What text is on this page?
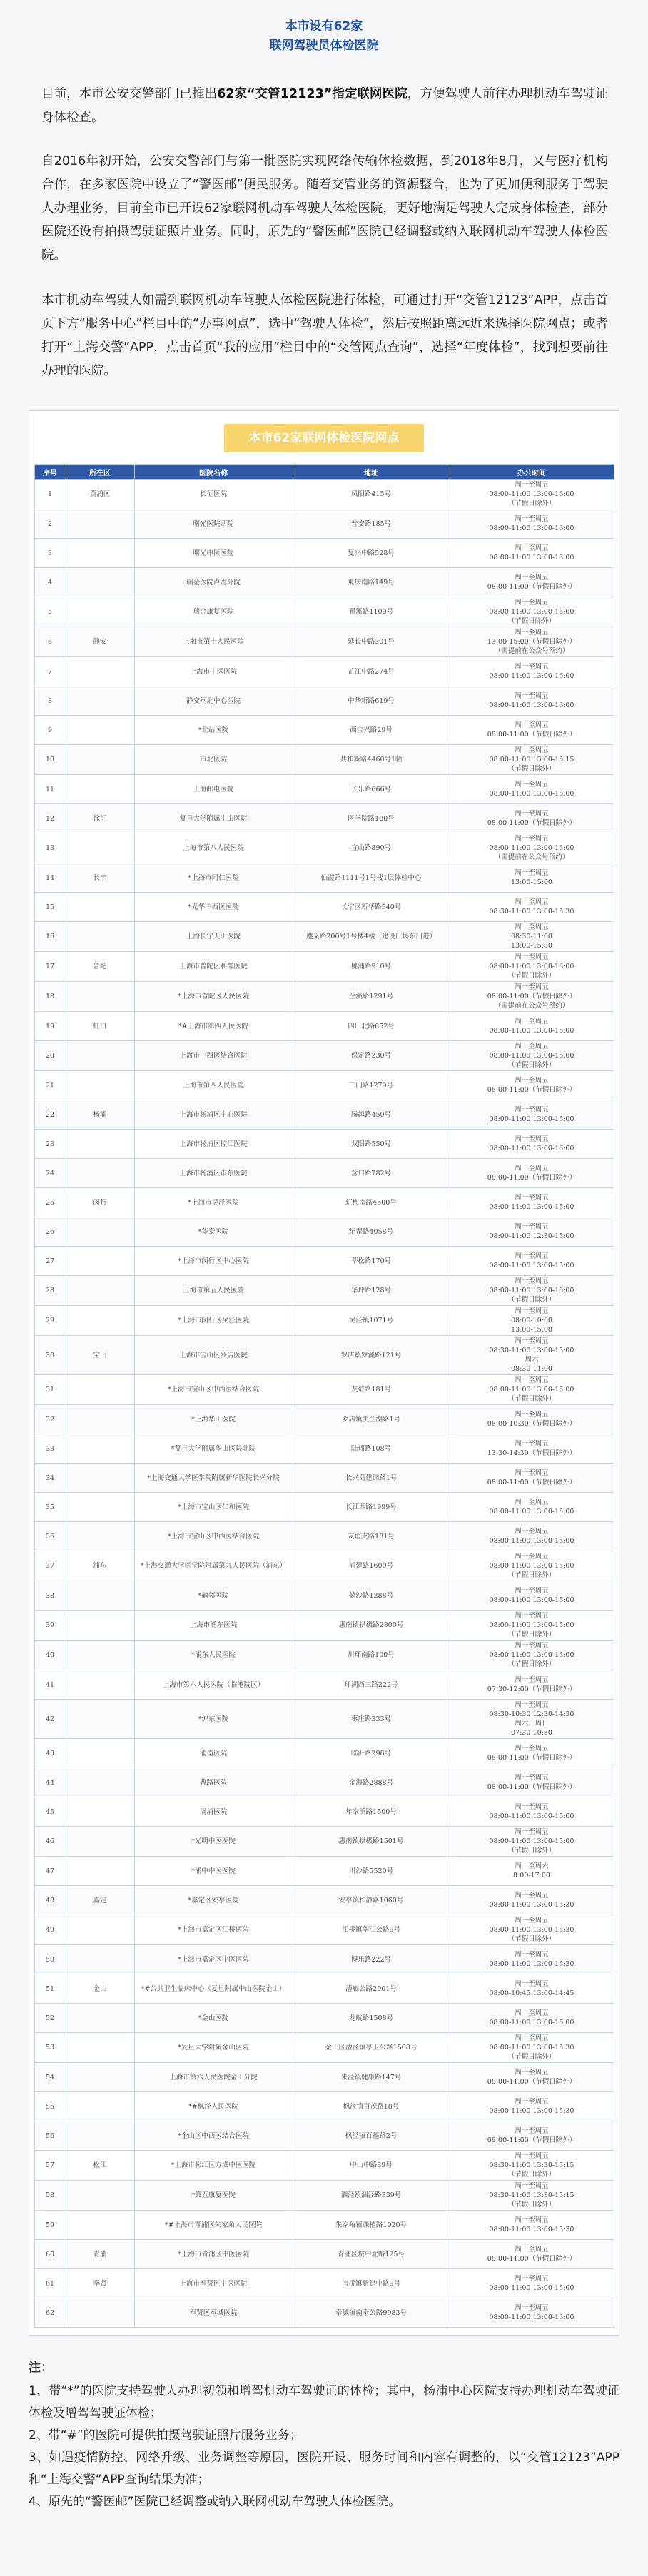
本市设有62家
联网驾驶员体检医院

目前，本市公安交警部门已推出62家“交管12123”指定联网医院，方便驾驶人前往办理机动车驾驶证身体检查。

自2016年初开始，公安交警部门与第一批医院实现网络传输体检数据，到2018年8月，又与医疗机构合作，在多家医院中设立了“警医邮”便民服务。随着交管业务的资源整合，也为了更加便利服务于驾驶人办理业务，目前全市已开设62家联网机动车驾驶人体检医院，更好地满足驾驶人完成身体检查，部分医院还设有拍摄驾驶证照片业务。同时，原先的“警医邮”医院已经调整或纳入联网机动车驾驶人体检医院。

本市机动车驾驶人如需到联网机动车驾驶人体检医院进行体检，可通过打开“交管12123”APP，点击首页下方“服务中心”栏目中的“办事网点”，选中“驾驶人体检”，然后按照距离远近来选择医院网点；或者打开“上海交警”APP，点击首页“我的应用”栏目中的“交管网点查询”，选择“年度体检”，找到想要前往办理的医院。

本市62家联网体检医院网点
序号	所在区	医院名称	地址	办公时间
1	黄浦区	长征医院	凤阳路415号	周一至周五
08:00-11:00 13:00-16:00
（节假日除外）
2		曙光医院西院	普安路185号	周一至周五
08:00-11:00 13:00-16:00
3		曙光中医医院	复兴中路528号	周一至周五
08:00-11:00 13:00-16:00
4		瑞金医院卢湾分院	東庆南路149号	周一至周五
08:00-11:00（节假日除外）
5		瑞金康复医院	瞿溪路1109号	周一至周五
08:00-11:00 13:00-16:00
（节假日除外）
6	静安	上海市第十人民医院	延长中路301号	周一至周五
13:00-15:00（节假日除外）
（需提前在公众号预约）
7		上海市中医医院	芷江中路274号	周一至周五
08:00-11:00 13:00-16:00
8		静安闸北中心医院	中华新路619号	周一至周五
08:00-11:00 13:00-16:00
9		*北站医院	西宝兴路29号	周一至周五
08:00-11:00（节假日除外）
10		市北医院	共和新路4460号1幢	周一至周五
08:00-11:00 13:00-15:15
（节假日除外）
11		上海邮电医院	长乐路666号	周一至周五
08:00-11:00 13:00-15:00
12	徐汇	复旦大学附属中山医院	医学院路180号	周一至周五
08:00-11:00（节假日除外）
13		上海市第八人民医院	宜山路890号	周一至周五
08:00-11:00 13:00-16:00
（需提前在公众号预约）
14	长宁	*上海市同仁医院	仙霞路1111号1号楼1层体检中心	周一至周五
13:00-15:00
15		*光华中西医医院	长宁区新华路540号	周一至周五
08:30-11:00 13:00-15:30
16		上海长宁天山医院	遵义路200号1号楼4楼（建设厂场东门进）	周一至周五
08:30-11:00
13:00-15:30
17	普陀	上海市普陀区利群医院	桃浦路910号	周一至周五
08:00-11:00 13:00-16:00
（节假日除外）
18		*上海市普陀区人民医院	兰溪路1291号	周一至周五
08:00-11:00（节假日除外）
（需提前在公众号预约）
19	虹口	*#上海市第四人民医院	四川北路652号	周一至周五
08:00-11:00 13:00-15:00
20		上海市中西医结合医院	保定路230号	周一至周五
08:00-11:00 13:00-15:00
（节假日除外）
21		上海市第四人民医院	三门路1279号	周一至周五
08:00-11:00（节假日除外）
22	杨浦	上海市杨浦区中心医院	腾越路450号	周一至周五
08:00-11:00 13:00-15:00
23		上海市杨浦区控江医院	双阳路550号	周一至周五
08:00-11:00 13:00-16:00
24		上海市杨浦区市东医院	营口路782号	周一至周五
08:00-11:00（节假日除外）
25	闵行	*上海市吴泾医院	虹梅南路4500号	周一至周五
08:00-11:00 13:00-15:00
26		*华泰医院	纪翟路4058号	周一至周五
08:00-11:00 12:30-15:00
27		*上海市闵行区中心医院	莘松路170号	周一至周五
08:00-11:00 13:00-15:00
28		上海市第五人民医院	华坪路128号	周一至周五
08:00-11:00 13:00-16:00
（节假日除外）
29		*上海市闵行区吴泾医院	吴泾镇1071号	周一至周五
08:00-10:00
13:00-15:00
30	宝山	上海市宝山区罗店医院	罗店镇罗溪路121号	周一至周五
08:30-11:00 13:00-15:00
周六
08:30-11:00
31		*上海市宝山区中西医结合医院	友谊路181号	周一至周五
08:00-11:00 13:00-15:00
（节假日除外）
32		*上海华山医院	罗店镇美兰湖路1号	周一至周五
08:00-10:30（节假日除外）
33		*复旦大学附属华山医院北院	陆翔路108号	周一至周五
13:30-14:30（节假日除外）
34		*上海交通大学医学院附属新华医院长兴分院	长兴岛建园路1号	周一至周五
08:00-11:00（节假日除外）
35		*上海市宝山区仁和医院	长江西路1999号	周一至周五
08:00-11:00 13:00-15:00
36		*上海市宝山区中西医结合医院	友谊支路181号	周一至周五
08:00-11:00 13:00-15:00
37	浦东	*上海交通大学医学院附属第九人民医院（浦东）	浦建路1600号	周一至周五
08:00-11:00 13:00-15:00
（节假日除外）
38		*鹤邻医院	鹤沙路1288号	周一至周五
08:00-11:00 13:00-15:00
39		上海市浦东医院	惠南镇拱极路2800号	周一至周五
08:00-11:00 13:00-15:00
（节假日除外）
40		*浦东人民医院	川环南路100号	周一至周五
08:00-11:00 13:00-15:00
（节假日除外）
41		上海市第六人民医院（临港院区）	环湖西三路222号	周一至周五
07:30-12:00（节假日除外）
42		*沪东医院	枣庄路333号	周一至周五
08:30-10:30 12:30-14:30
周六、周日
07:30-10:30
43		浦南医院	临沂路298号	周一至周五
08:00-11:00（节假日除外）
44		曹路医院	金海路2888号	周一至周五
08:00-11:00（节假日除外）
45		周浦医院	年家浜路1500号	周一至周五
08:00-11:00 13:00-15:00
46		*光明中医医院	惠南镇拱极路1501号	周一至周五
08:00-11:00 13:00-15:00
（节假日除外）
47		*浦中中医医院	川沙路5520号	周一至周六
8:00-17:00
48	嘉定	*嘉定区安亭医院	安亭镇和静路1060号	周一至周五
08:00-11:00 13:00-15:30
49		*上海市嘉定区江桥医院	江桥镇华江公路9号	周一至周五
08:00-11:00 13:00-15:30
（节假日除外）
50		*上海市嘉定区中医医院	博乐路222号	周一至周五
08:00-11:00 13:00-15:30
51	金山	*#公共卫生临床中心（复旦附属中山医院金山）	漕廊公路2901号	周一至周五
08:00-10:45 13:00-14:45
52		*金山医院	龙航路1508号	周一至周五
08:00-11:00 13:00-15:00
53		*复旦大学附属金山医院	金山区漕泾镇亭卫公路1508号	周一至周五
08:00-11:00 13:00-15:30
（节假日除外）
54		上海市第六人民医院金山分院	朱泾镇健康路147号	周一至周五
08:00-11:00（节假日除外）
55		*#枫泾人民医院	枫泾镇百茂路18号	周一至周五
08:00-11:00 13:00-15:30
56		*金山区中西医结合医院	枫泾镇百福路2号	周一至周五
08:00-11:00（节假日除外）
57	松江	*上海市松江区方塔中医医院	中山中路39号	周一至周五
08:30-11:00 13:30-15:15
（节假日除外）
58		*第五康复医院	泗泾镇泗泾路339号	周一至周五
08:30-11:00 13:30-15:15
（节假日除外）
59		*#上海市青浦区朱家角人民医院	朱家角镇课植路1020号	周一至周五
08:00-11:00 13:00-15:30
60	青浦	*上海市青浦区中医医院	青浦区城中北路125号	周一至周五
08:00-11:00（节假日除外）
61	奉贤	上海市奉贤区中医医院	南桥镇新建中路9号	周一至周五
08:00-11:00 13:00-15:00
62		奉贤区奉城医院	奉城镇南奉公路9983号	周一至周五
08:00-11:00 13:00-15:00
注：
1、带“*”的医院支持驾驶人办理初领和增驾机动车驾驶证的体检；其中，杨浦中心医院支持办理机动车驾驶证体检及增驾驾驶证体检；
2、带“#”的医院可提供拍摄驾驶证照片服务业务；
3、如遇疫情防控、网络升级、业务调整等原因，医院开设、服务时间和内容有调整的，以“交管12123”APP和“上海交警”APP查询结果为准；
4、原先的“警医邮”医院已经调整或纳入联网机动车驾驶人体检医院。
